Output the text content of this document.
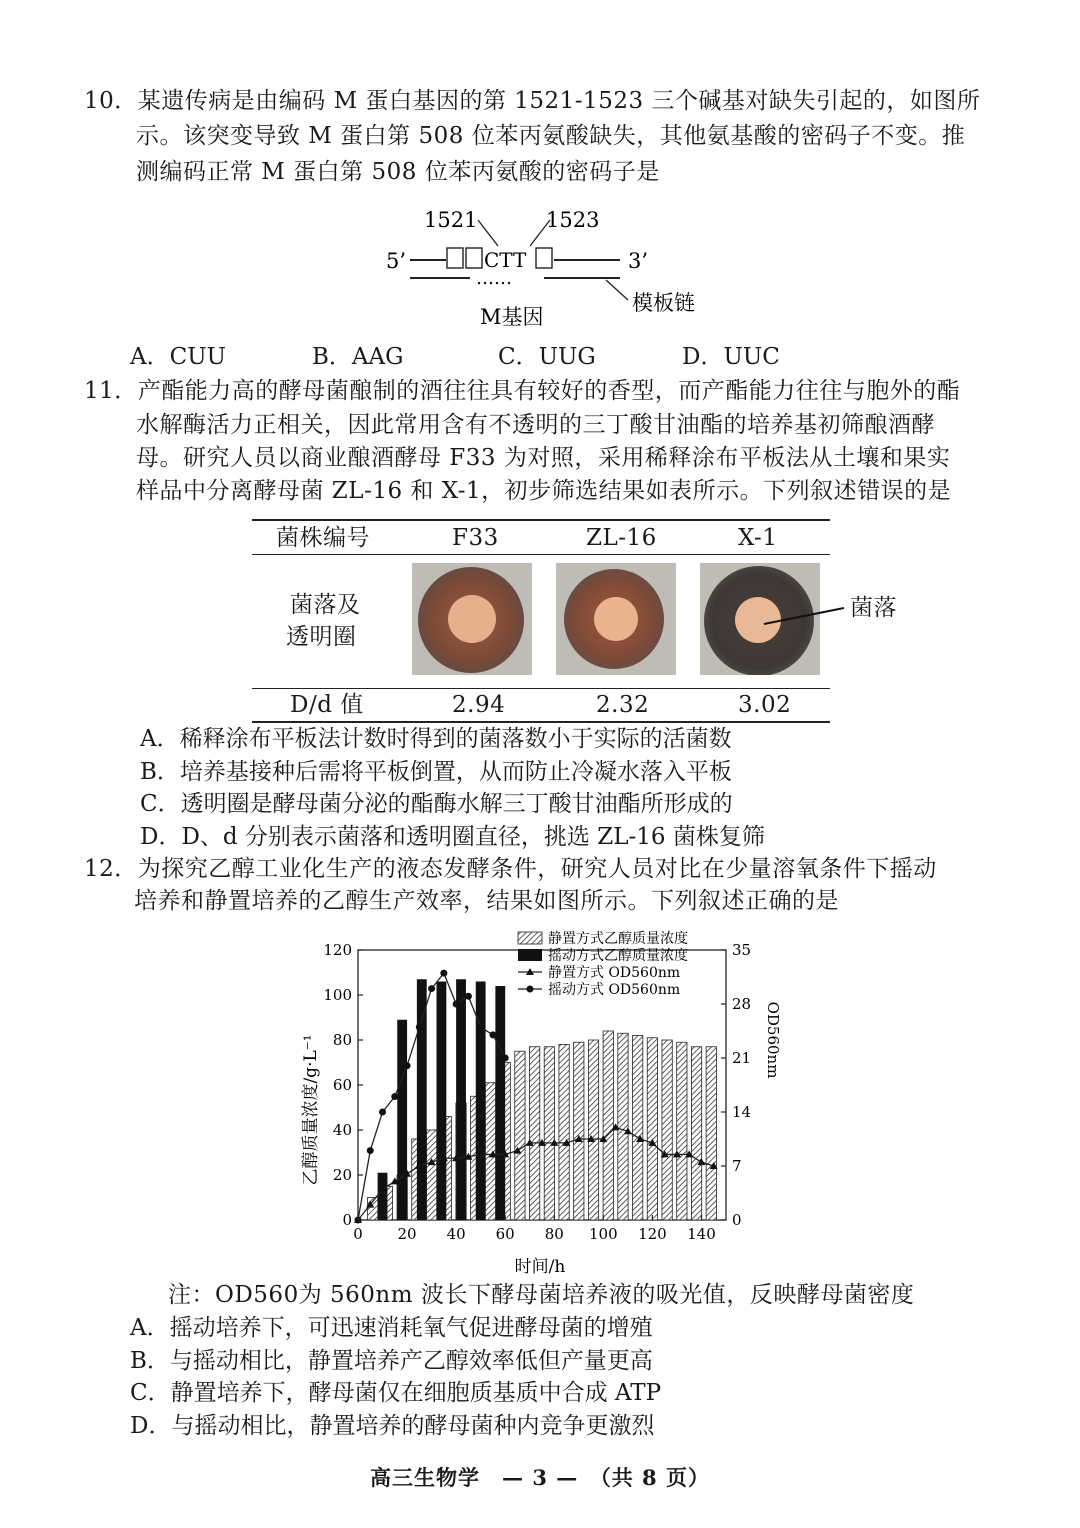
10．某遗传病是由编码 M 蛋白基因的第 1521-1523 三个碱基对缺失引起的，如图所
示。该突变导致 M 蛋白第 508 位苯丙氨酸缺失，其他氨基酸的密码子不变。推
测编码正常 M 蛋白第 508 位苯丙氨酸的密码子是
1521	1523
5’	CTT	3’
……
模板链
M基因
A．CUU	B．AAG	C．UUG	D．UUC
11．产酯能力高的酵母菌酿制的酒往往具有较好的香型，而产酯能力往往与胞外的酯
水解酶活力正相关，因此常用含有不透明的三丁酸甘油酯的培养基初筛酿酒酵
母。研究人员以商业酿酒酵母 F33 为对照，采用稀释涂布平板法从土壤和果实
样品中分离酵母菌 ZL-16 和 X-1，初步筛选结果如表所示。下列叙述错误的是
菌株编号	F33	ZL-16	X-1
菌落及
透明圈
菌落
D/d 值	2.94	2.32	3.02
A．稀释涂布平板法计数时得到的菌落数小于实际的活菌数
B．培养基接种后需将平板倒置，从而防止冷凝水落入平板
C．透明圈是酵母菌分泌的酯酶水解三丁酸甘油酯所形成的
D．D、d 分别表示菌落和透明圈直径，挑选 ZL-16 菌株复筛
12．为探究乙醇工业化生产的液态发酵条件，研究人员对比在少量溶氧条件下摇动
培养和静置培养的乙醇生产效率，结果如图所示。下列叙述正确的是
0
20
40
60
80
100
120
0
7
14
21
28
35
0 20 40 60 80 100 120 140
静置方式乙醇质量浓度
摇动方式乙醇质量浓度
静置方式 OD560nm
摇动方式 OD560nm
时间/h
乙醇质量浓度/g·L⁻¹	OD560nm
注：OD560为 560nm 波长下酵母菌培养液的吸光值，反映酵母菌密度
A．摇动培养下，可迅速消耗氧气促进酵母菌的增殖
B．与摇动相比，静置培养产乙醇效率低但产量更高
C．静置培养下，酵母菌仅在细胞质基质中合成 ATP
D．与摇动相比，静置培养的酵母菌种内竞争更激烈
高三生物学　— 3 —　（共 8 页）
